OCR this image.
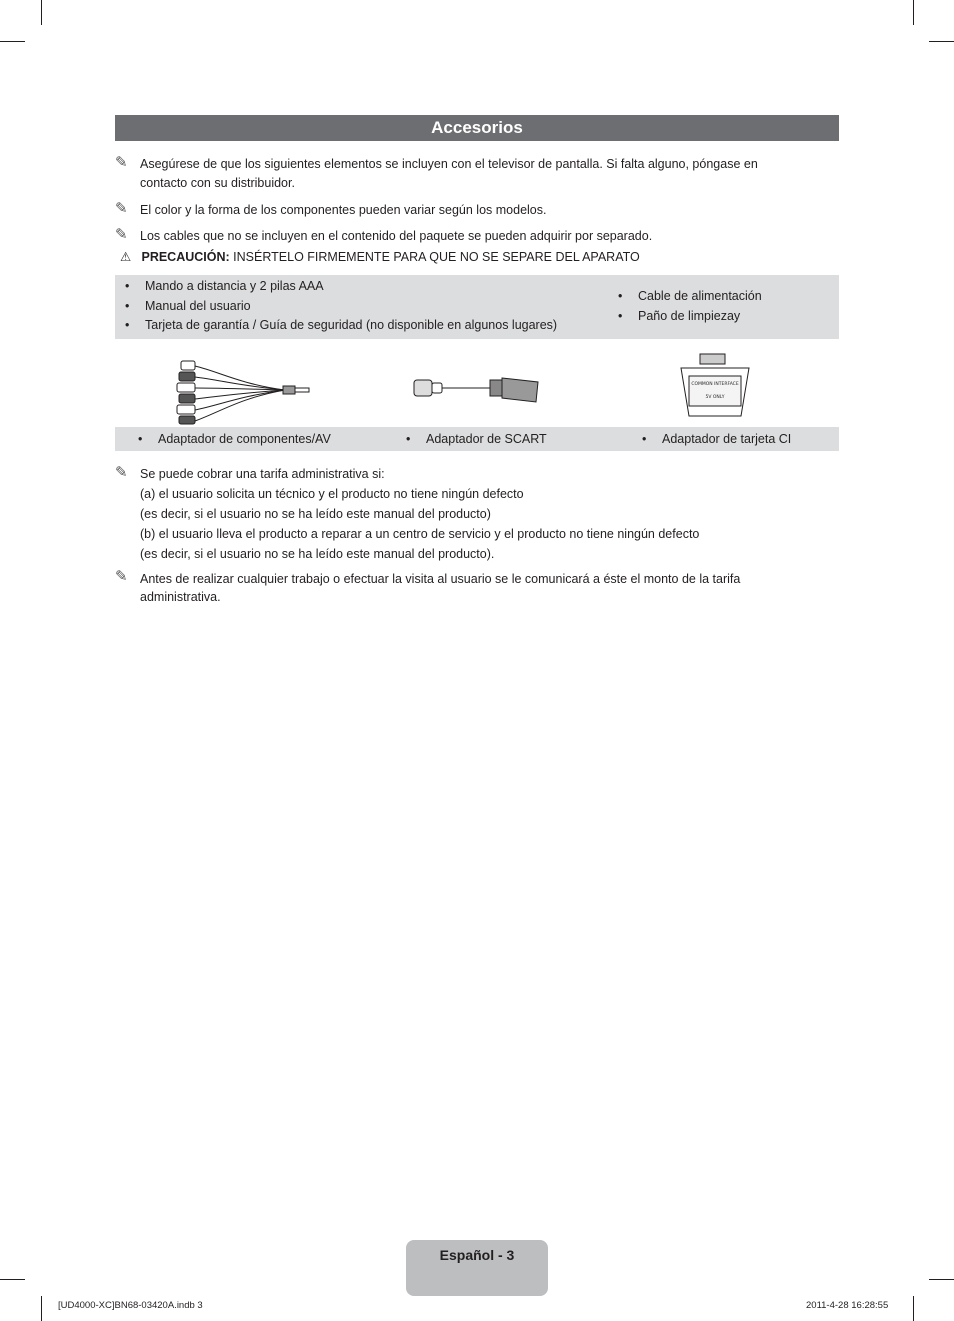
Accesorios
✎ Asegúrese de que los siguientes elementos se incluyen con el televisor de pantalla. Si falta alguno, póngase en contacto con su distribuidor.
✎ El color y la forma de los componentes pueden variar según los modelos.
✎ Los cables que no se incluyen en el contenido del paquete se pueden adquirir por separado.
⚠ PRECAUCIÓN: INSÉRTELO FIRMEMENTE PARA QUE NO SE SEPARE DEL APARATO
• Mando a distancia y 2 pilas AAA
• Manual del usuario
• Tarjeta de garantía / Guía de seguridad (no disponible en algunos lugares)
• Cable de alimentación
• Paño de limpiezay
COMMON INTERFACE
5V ONLY
• Adaptador de componentes/AV	• Adaptador de SCART	• Adaptador de tarjeta CI
✎ Se puede cobrar una tarifa administrativa si:
(a) el usuario solicita un técnico y el producto no tiene ningún defecto
(es decir, si el usuario no se ha leído este manual del producto)
(b) el usuario lleva el producto a reparar a un centro de servicio y el producto no tiene ningún defecto
(es decir, si el usuario no se ha leído este manual del producto).
✎ Antes de realizar cualquier trabajo o efectuar la visita al usuario se le comunicará a éste el monto de la tarifa administrativa.
Español - 3
[UD4000-XC]BN68-03420A.indb 3	2011-4-28 16:28:55
